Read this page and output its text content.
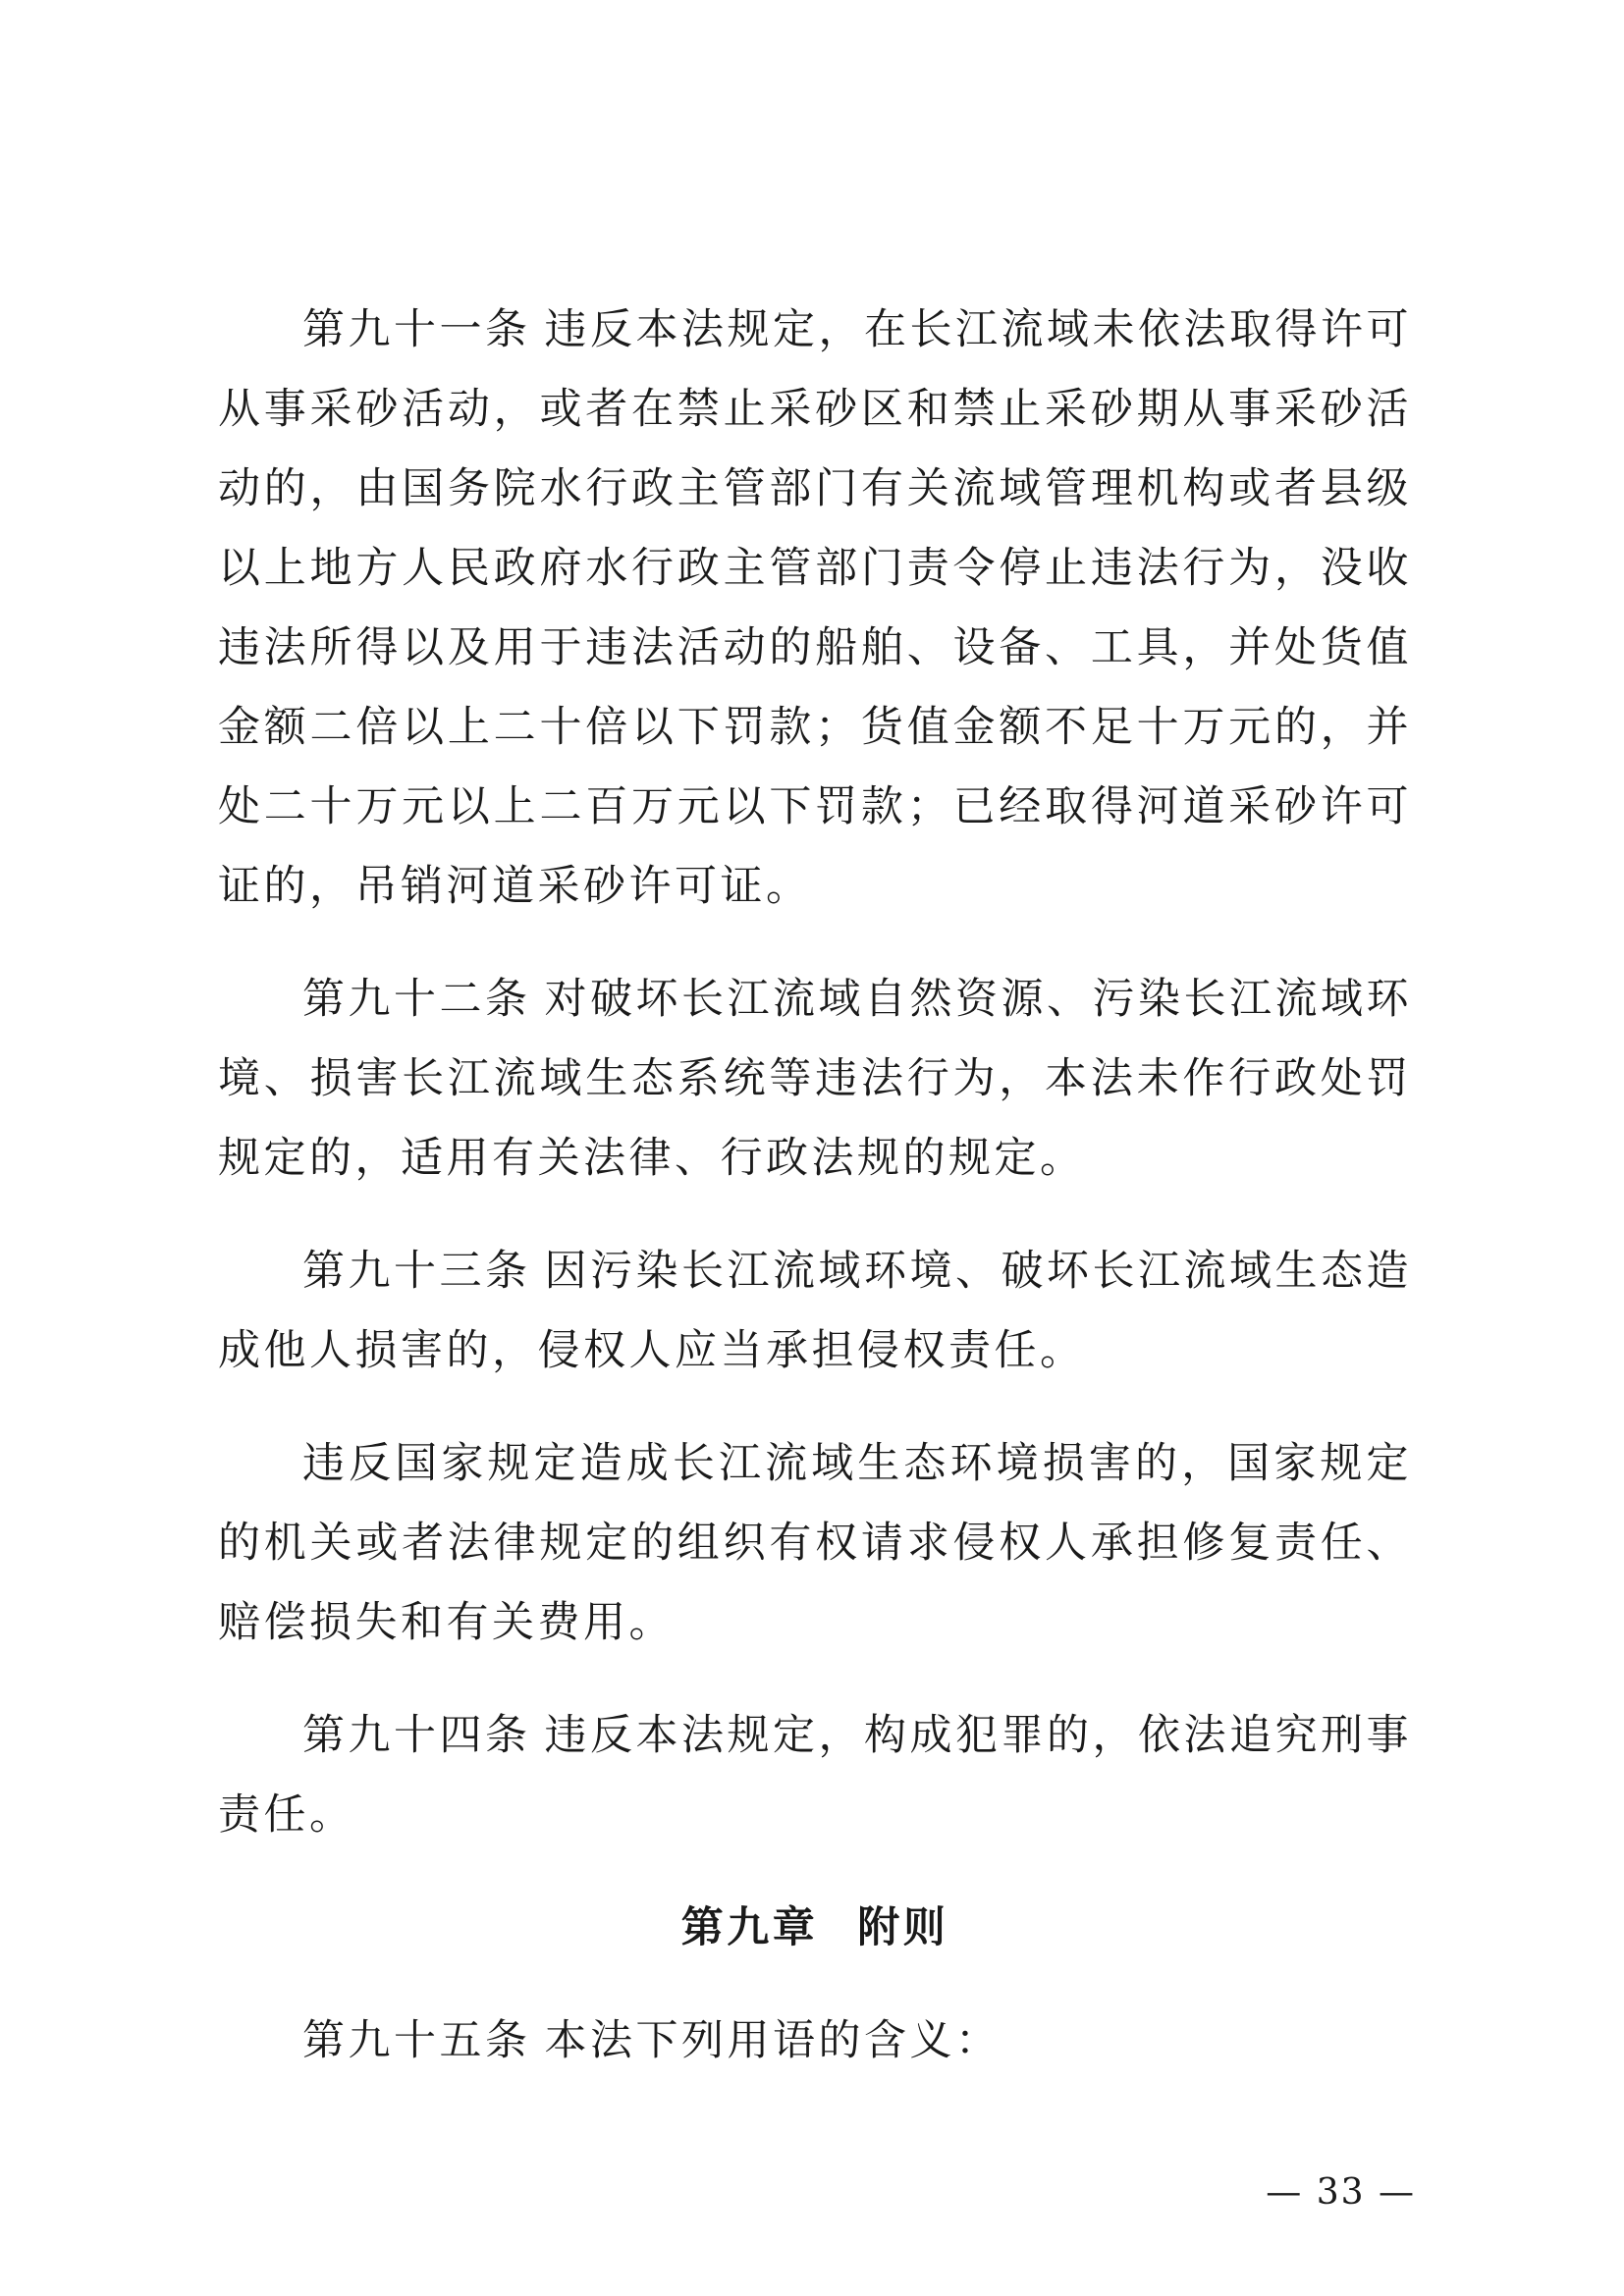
第九十一条 违反本法规定，在长江流域未依法取得许可从事采砂活动，或者在禁止采砂区和禁止采砂期从事采砂活动的，由国务院水行政主管部门有关流域管理机构或者县级以上地方人民政府水行政主管部门责令停止违法行为，没收违法所得以及用于违法活动的船舶、设备、工具，并处货值金额二倍以上二十倍以下罚款；货值金额不足十万元的，并处二十万元以上二百万元以下罚款；已经取得河道采砂许可证的，吊销河道采砂许可证。

第九十二条 对破坏长江流域自然资源、污染长江流域环境、损害长江流域生态系统等违法行为，本法未作行政处罚规定的，适用有关法律、行政法规的规定。

第九十三条 因污染长江流域环境、破坏长江流域生态造成他人损害的，侵权人应当承担侵权责任。

违反国家规定造成长江流域生态环境损害的，国家规定的机关或者法律规定的组织有权请求侵权人承担修复责任、赔偿损失和有关费用。

第九十四条 违反本法规定，构成犯罪的，依法追究刑事责任。

第九章 附则

第九十五条 本法下列用语的含义：

— 33 —
